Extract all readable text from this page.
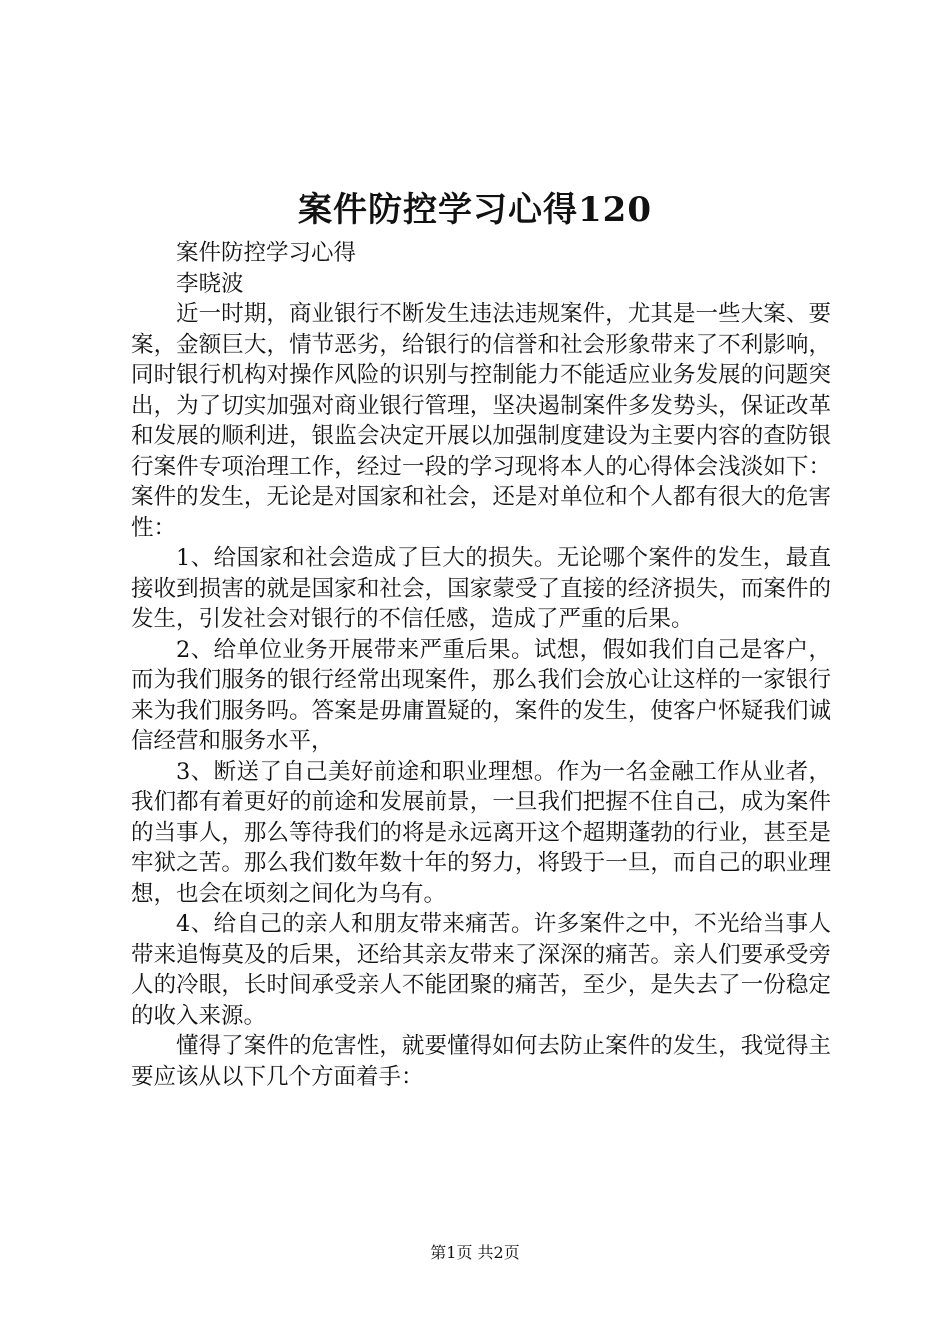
案件防控学习心得120

案件防控学习心得

李晓波

近一时期，商业银行不断发生违法违规案件，尤其是一些大案、要案，金额巨大，情节恶劣，给银行的信誉和社会形象带来了不利影响，同时银行机构对操作风险的识别与控制能力不能适应业务发展的问题突出，为了切实加强对商业银行管理，坚决遏制案件多发势头，保证改革和发展的顺利进，银监会决定开展以加强制度建设为主要内容的查防银行案件专项治理工作，经过一段的学习现将本人的心得体会浅淡如下：案件的发生，无论是对国家和社会，还是对单位和个人都有很大的危害性：

1、给国家和社会造成了巨大的损失。无论哪个案件的发生，最直接收到损害的就是国家和社会，国家蒙受了直接的经济损失，而案件的发生，引发社会对银行的不信任感，造成了严重的后果。

2、给单位业务开展带来严重后果。试想，假如我们自己是客户，而为我们服务的银行经常出现案件，那么我们会放心让这样的一家银行来为我们服务吗。答案是毋庸置疑的，案件的发生，使客户怀疑我们诚信经营和服务水平，

3、断送了自己美好前途和职业理想。作为一名金融工作从业者，我们都有着更好的前途和发展前景，一旦我们把握不住自己，成为案件的当事人，那么等待我们的将是永远离开这个超期蓬勃的行业，甚至是牢狱之苦。那么我们数年数十年的努力，将毁于一旦，而自己的职业理想，也会在顷刻之间化为乌有。

4、给自己的亲人和朋友带来痛苦。许多案件之中，不光给当事人带来追悔莫及的后果，还给其亲友带来了深深的痛苦。亲人们要承受旁人的冷眼，长时间承受亲人不能团聚的痛苦，至少，是失去了一份稳定的收入来源。

懂得了案件的危害性，就要懂得如何去防止案件的发生，我觉得主要应该从以下几个方面着手：

第1页 共2页
